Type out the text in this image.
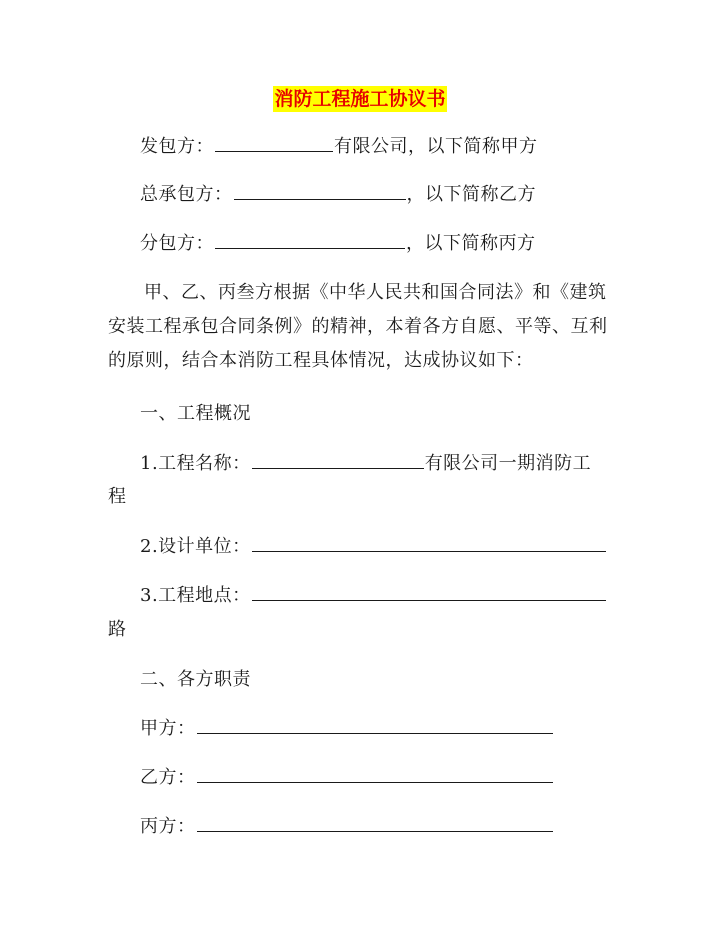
消防工程施工协议书
发包方：	有限公司，以下简称甲方
总承包方：	，以下简称乙方
分包方：	，以下简称丙方
甲、乙、丙叁方根据《中华人民共和国合同法》和《建筑安装工程承包合同条例》的精神，本着各方自愿、平等、互利的原则，结合本消防工程具体情况，达成协议如下：
一、工程概况
1.工程名称：	有限公司一期消防工
程
2.设计单位：
3.工程地点：
路
二、各方职责
甲方：
乙方：
丙方：
